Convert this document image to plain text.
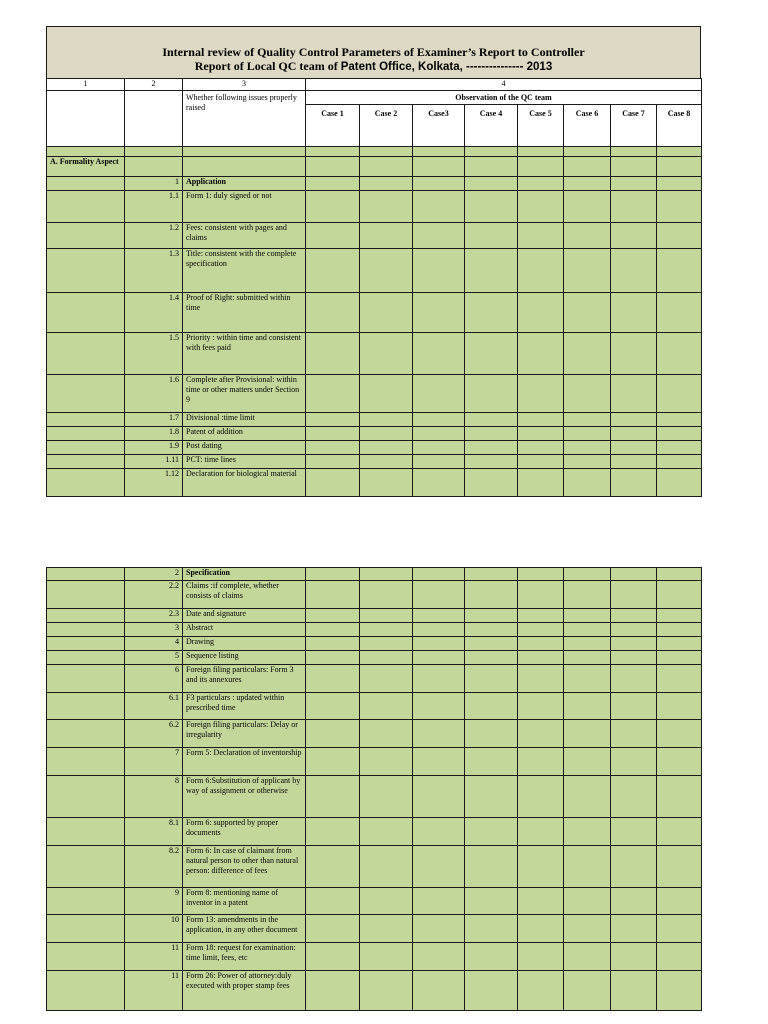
Internal review of Quality Control Parameters of Examiner’s Report to Controller
Report of Local QC team of Patent Office, Kolkata, --------------- 2013
1	2	3	4							
		Whether following issues properly raised	Observation of the QC team							
			Case 1	Case 2	Case3	Case 4	Case 5	Case 6	Case 7	Case 8

A. Formality Aspect										
	1	Application								
	1.1	Form 1: duly signed or not								
	1.2	Fees: consistent with pages and claims								
	1.3	Title: consistent with the complete specification								
	1.4	Proof of Right: submitted within time								
	1.5	Priority : within time and consistent with fees paid								
	1.6	Complete after Provisional: within time or other matters under Section 9								
	1.7	Divisional :time limit								
	1.8	Patent of addition								
	1.9	Post dating								
	1.11	PCT: time lines								
	1.12	Declaration for biological material								
	2	Specification								
	2.2	Claims :if complete, whether consists of claims								
	2.3	Date and signature								
	3	Abstract								
	4	Drawing								
	5	Sequence listing								
	6	Foreign filing particulars: Form 3 and its annexures								
	6.1	F3 particulars : updated within prescribed time								
	6.2	Foreign filing particulars: Delay or irregularity								
	7	Form 5: Declaration of inventorship								
	8	Form 6:Substitution of applicant by way of assignment or otherwise								
	8.1	Form 6: supported by proper documents								
	8.2	Form 6: In case of claimant from natural person to other than natural person: difference of fees								
	9	Form 8: mentioning name of inventor in a patent								
	10	Form 13: amendments in the application, in any other document								
	11	Form 18: request for examination: time limit, fees, etc								
	11	Form 26: Power of attorney:duly executed with proper stamp fees								
